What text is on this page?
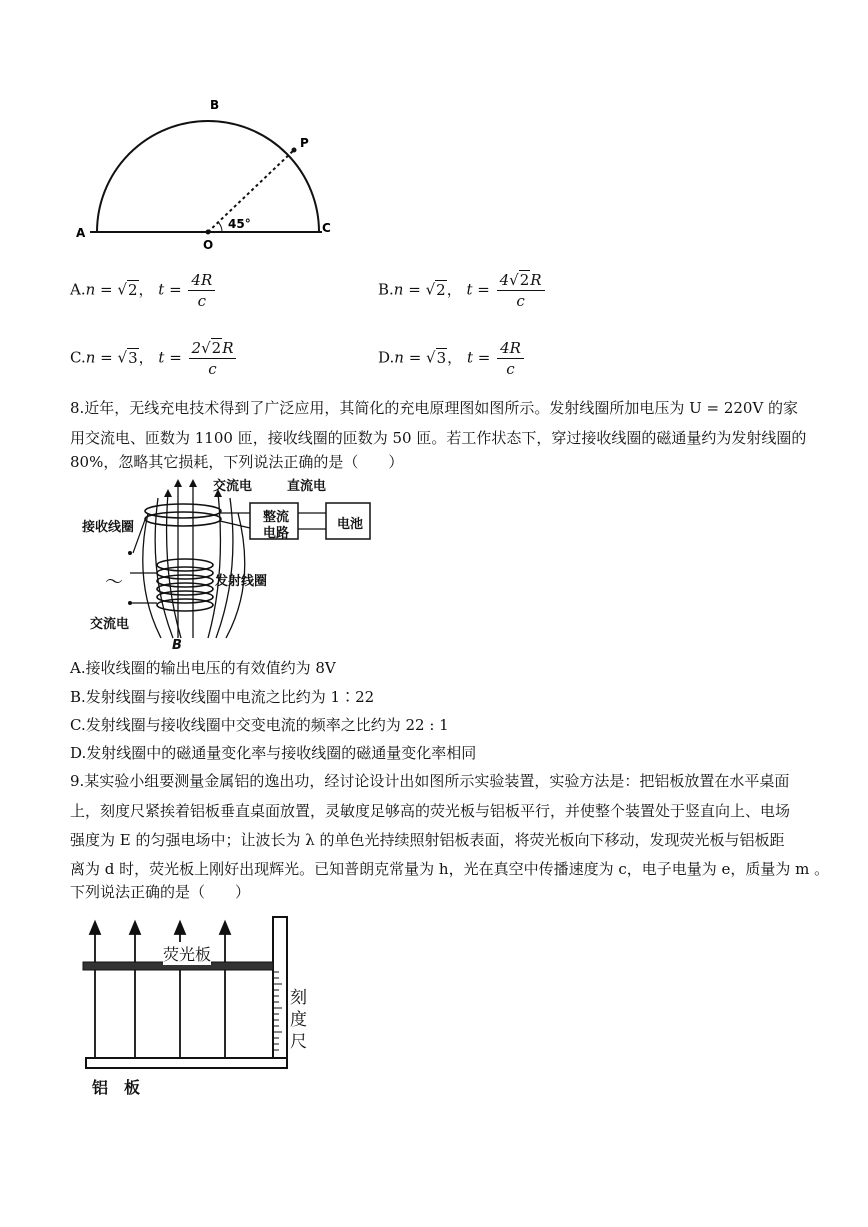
A
B
P
O
C
45°
A.n = √2， $t = \frac{4R}{c}$	B.n = √2， $t = \frac{4√2R}{c}$
C.n = √3， $t = \frac{2√2R}{c}$	D.n = √3， $t = \frac{4R}{c}$
8.近年，无线充电技术得到了广泛应用，其简化的充电原理图如图所示。发射线圈所加电压为 U = 220V 的家
用交流电、匝数为 1100 匝，接收线圈的匝数为 50 匝。若工作状态下，穿过接收线圈的磁通量约为发射线圈的
80%，忽略其它损耗，下列说法正确的是（　　）
交流电	直流电
整流
电路
电池
接收线圈
发射线圈
～
交流电
B
A.接收线圈的输出电压的有效值约为 8V
B.发射线圈与接收线圈中电流之比约为 1∶22
C.发射线圈与接收线圈中交变电流的频率之比约为 22 : 1
D.发射线圈中的磁通量变化率与接收线圈的磁通量变化率相同
9.某实验小组要测量金属铝的逸出功，经讨论设计出如图所示实验装置，实验方法是：把铝板放置在水平桌面
上，刻度尺紧挨着铝板垂直桌面放置，灵敏度足够高的荧光板与铝板平行，并使整个装置处于竖直向上、电场
强度为 E 的匀强电场中；让波长为 λ 的单色光持续照射铝板表面，将荧光板向下移动，发现荧光板与铝板距
离为 d 时，荧光板上刚好出现辉光。已知普朗克常量为 h，光在真空中传播速度为 c，电子电量为 e，质量为 m 。
下列说法正确的是（　　）
荧光板
刻
度
尺
铝　板
